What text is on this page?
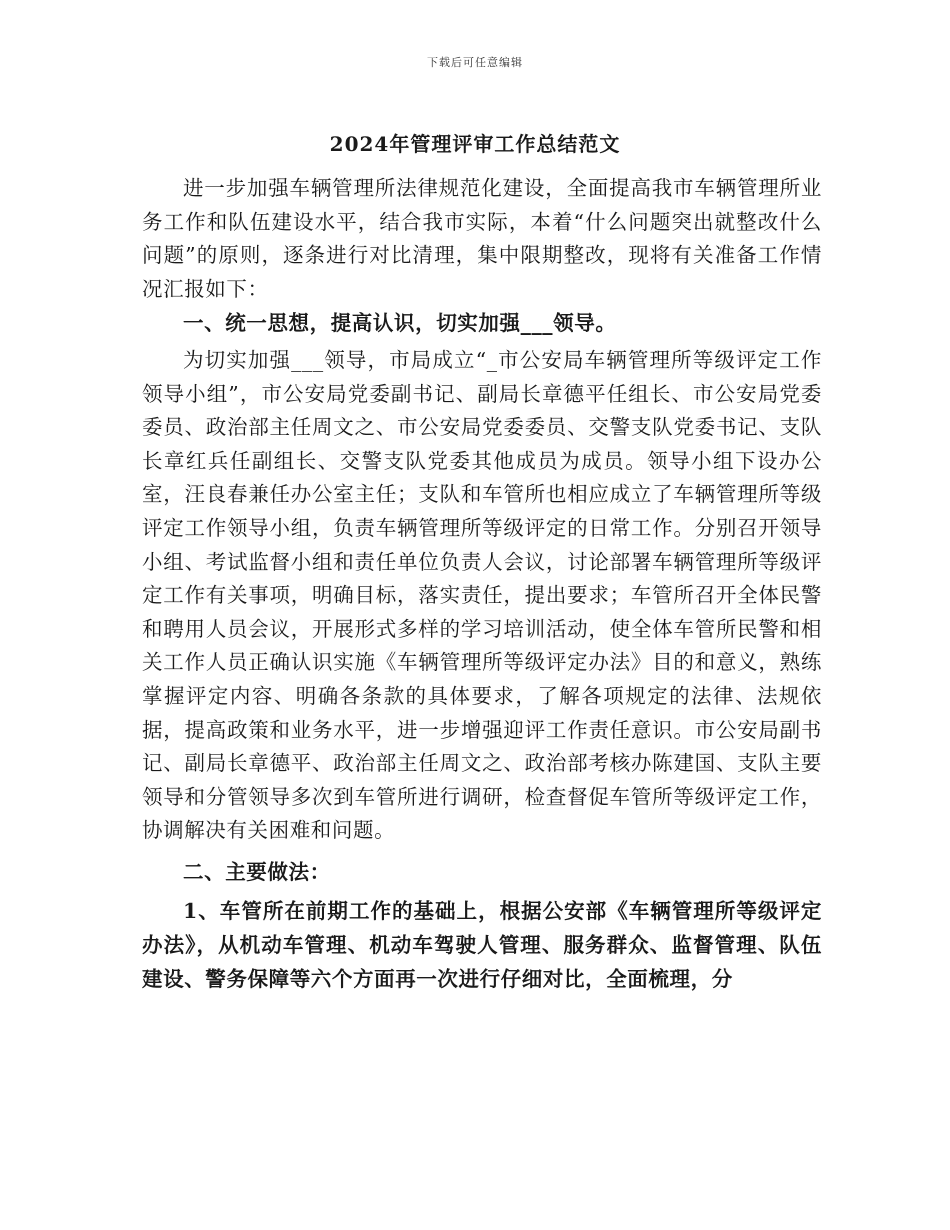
下载后可任意编辑
2024年管理评审工作总结范文

进一步加强车辆管理所法律规范化建设，全面提高我市车辆管理所业务工作和队伍建设水平，结合我市实际，本着“什么问题突出就整改什么问题”的原则，逐条进行对比清理，集中限期整改，现将有关准备工作情况汇报如下：

一、统一思想，提高认识，切实加强___领导。

为切实加强___领导，市局成立“_市公安局车辆管理所等级评定工作领导小组”，市公安局党委副书记、副局长章德平任组长、市公安局党委委员、政治部主任周文之、市公安局党委委员、交警支队党委书记、支队长章红兵任副组长、交警支队党委其他成员为成员。领导小组下设办公室，汪良春兼任办公室主任；支队和车管所也相应成立了车辆管理所等级评定工作领导小组，负责车辆管理所等级评定的日常工作。分别召开领导小组、考试监督小组和责任单位负责人会议，讨论部署车辆管理所等级评定工作有关事项，明确目标，落实责任，提出要求；车管所召开全体民警和聘用人员会议，开展形式多样的学习培训活动，使全体车管所民警和相关工作人员正确认识实施《车辆管理所等级评定办法》目的和意义，熟练掌握评定内容、明确各条款的具体要求，了解各项规定的法律、法规依据，提高政策和业务水平，进一步增强迎评工作责任意识。市公安局副书记、副局长章德平、政治部主任周文之、政治部考核办陈建国、支队主要领导和分管领导多次到车管所进行调研，检查督促车管所等级评定工作，协调解决有关困难和问题。

二、主要做法：

1、车管所在前期工作的基础上，根据公安部《车辆管理所等级评定办法》，从机动车管理、机动车驾驶人管理、服务群众、监督管理、队伍建设、警务保障等六个方面再一次进行仔细对比，全面梳理，分
